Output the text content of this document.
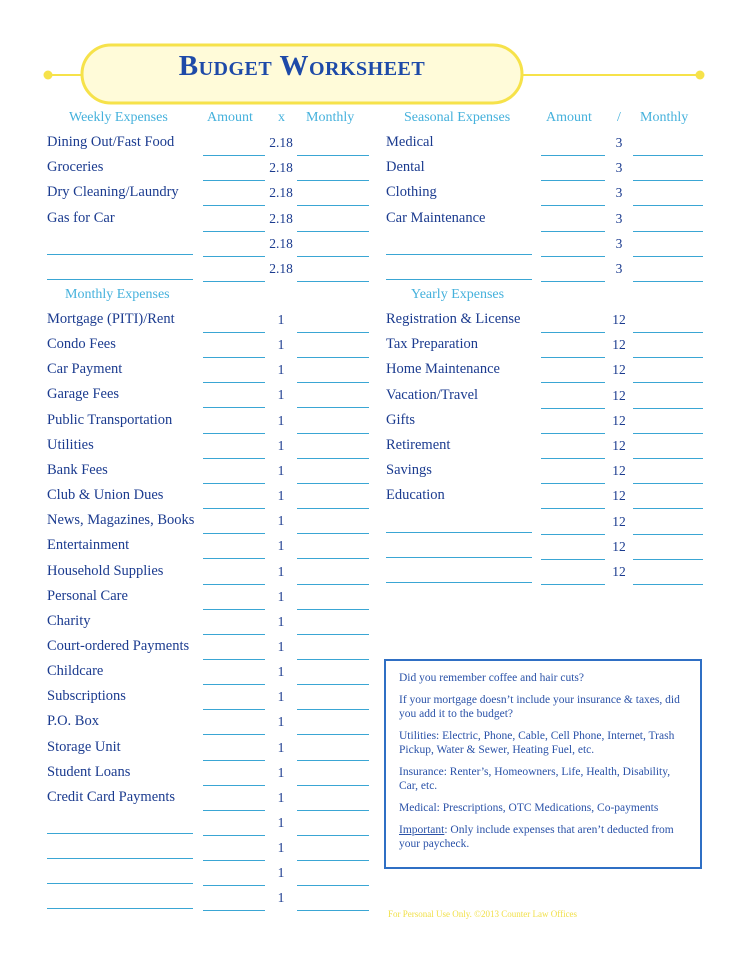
Budget Worksheet
Weekly Expenses	Amount x Monthly	Seasonal Expenses	Amount / Monthly
Monthly Expenses	Yearly Expenses
Dining Out/Fast Food	2.18
Groceries	2.18
Dry Cleaning/Laundry	2.18
Gas for Car	2.18
2.18
2.18
Mortgage (PITI)/Rent	1
Condo Fees	1
Car Payment	1
Garage Fees	1
Public Transportation	1
Utilities	1
Bank Fees	1
Club & Union Dues	1
News, Magazines, Books	1
Entertainment	1
Household Supplies	1
Personal Care	1
Charity	1
Court-ordered Payments	1
Childcare	1
Subscriptions	1
P.O. Box	1
Storage Unit	1
Student Loans	1
Credit Card Payments	1
1
1
1
1
Medical	3
Dental	3
Clothing	3
Car Maintenance	3
3
3
Registration & License	12
Tax Preparation	12
Home Maintenance	12
Vacation/Travel	12
Gifts	12
Retirement	12
Savings	12
Education	12
12
12
12
Did you remember coffee and hair cuts?
If your mortgage doesn’t include your insurance & taxes, did you add it to the budget?
Utilities: Electric, Phone, Cable, Cell Phone, Internet, Trash Pickup, Water & Sewer, Heating Fuel, etc.
Insurance: Renter’s, Homeowners, Life, Health, Disability, Car, etc.
Medical: Prescriptions, OTC Medications, Co-payments
Important: Only include expenses that aren’t deducted from your paycheck.
For Personal Use Only. ©2013 Counter Law Offices
